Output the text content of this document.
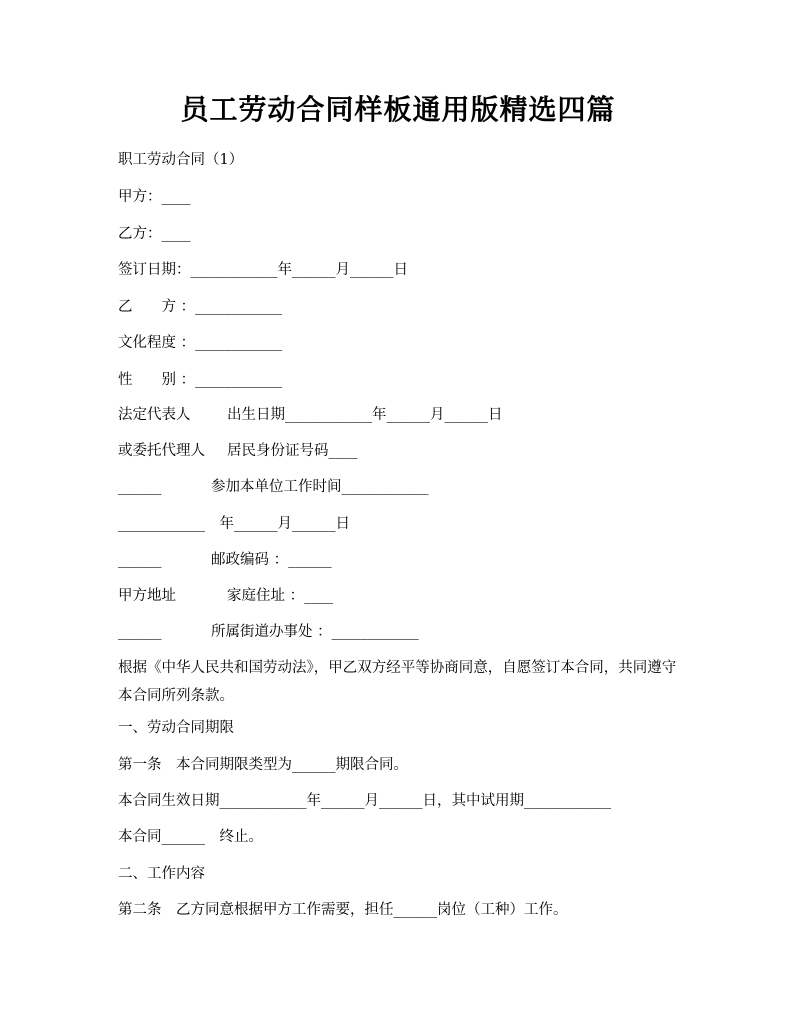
员工劳动合同样板通用版精选四篇
职工劳动合同（1）
甲方：____
乙方：____
签订日期：____________年______月______日
乙　　方 ：____________
文化程度 ：____________
性　　别 ：____________
法定代表人	出生日期____________年______月______日
或委托代理人 居民身份证号码____
______	参加本单位工作时间____________
____________　年______月______日
______	邮政编码 ：______
甲方地址	家庭住址 ：____
______	所属街道办事处 ：____________
根据《中华人民共和国劳动法》，甲乙双方经平等协商同意，自愿签订本合同，共同遵守本合同所列条款。
一、劳动合同期限
第一条　本合同期限类型为______期限合同。
本合同生效日期____________年______月______日，其中试用期____________
本合同______　终止。
二、工作内容
第二条　乙方同意根据甲方工作需要，担任______岗位（工种）工作。
